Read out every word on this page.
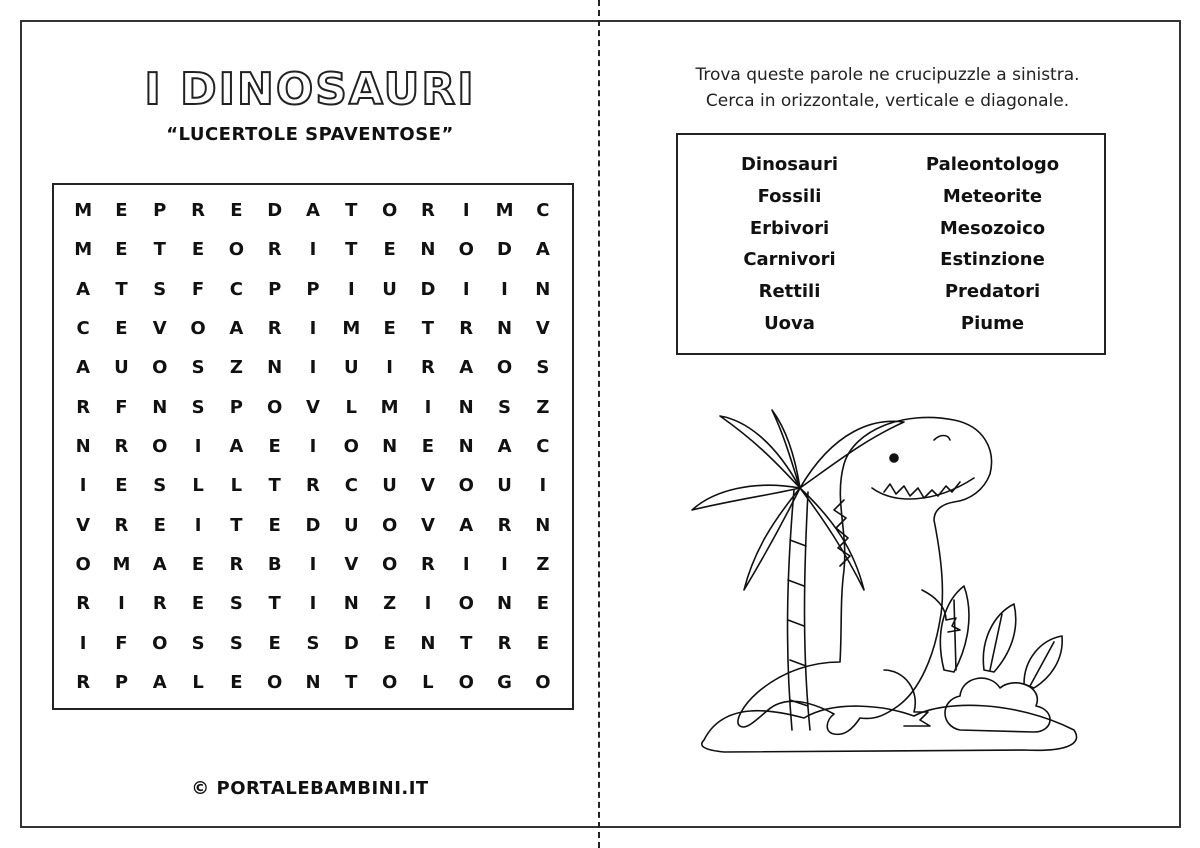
I DINOSAURI
“LUCERTOLE SPAVENTOSE”
M	E	P	R	E	D	A	T	O	R	I	M	C
M	E	T	E	O	R	I	T	E	N	O	D	A
A	T	S	F	C	P	P	I	U	D	I	I	N
C	E	V	O	A	R	I	M	E	T	R	N	V
A	U	O	S	Z	N	I	U	I	R	A	O	S
R	F	N	S	P	O	V	L	M	I	N	S	Z
N	R	O	I	A	E	I	O	N	E	N	A	C
I	E	S	L	L	T	R	C	U	V	O	U	I
V	R	E	I	T	E	D	U	O	V	A	R	N
O	M	A	E	R	B	I	V	O	R	I	I	Z
R	I	R	E	S	T	I	N	Z	I	O	N	E
I	F	O	S	S	E	S	D	E	N	T	R	E
R	P	A	L	E	O	N	T	O	L	O	G	O
© PORTALEBAMBINI.IT
Trova queste parole ne crucipuzzle a sinistra.
Cerca in orizzontale, verticale e diagonale.
Dinosauri
Fossili
Erbivori
Carnivori
Rettili
Uova
Paleontologo
Meteorite
Mesozoico
Estinzione
Predatori
Piume
